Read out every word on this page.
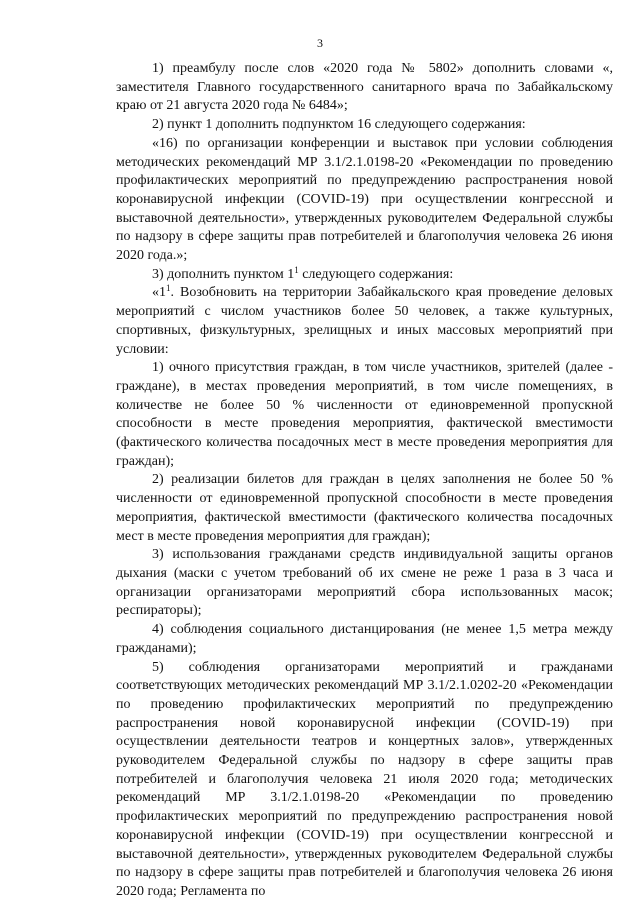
3

1) преамбулу после слов «2020 года № 5802» дополнить словами «, заместителя Главного государственного санитарного врача по Забайкальскому краю от 21 августа 2020 года № 6484»;

2) пункт 1 дополнить подпунктом 16 следующего содержания:

«16) по организации конференции и выставок при условии соблюдения методических рекомендаций МР 3.1/2.1.0198-20 «Рекомендации по проведению профилактических мероприятий по предупреждению распространения новой коронавирусной инфекции (COVID-19) при осуществлении конгрессной и выставочной деятельности», утвержденных руководителем Федеральной службы по надзору в сфере защиты прав потребителей и благополучия человека 26 июня 2020 года.»;

3) дополнить пунктом $1^1$ следующего содержания:

«$1^1$. Возобновить на территории Забайкальского края проведение деловых мероприятий с числом участников более 50 человек, а также культурных, спортивных, физкультурных, зрелищных и иных массовых мероприятий при условии:

1) очного присутствия граждан, в том числе участников, зрителей (далее - граждане), в местах проведения мероприятий, в том числе помещениях, в количестве не более 50 % численности от единовременной пропускной способности в месте проведения мероприятия, фактической вместимости (фактического количества посадочных мест в месте проведения мероприятия для граждан);

2) реализации билетов для граждан в целях заполнения не более 50 % численности от единовременной пропускной способности в месте проведения мероприятия, фактической вместимости (фактического количества посадочных мест в месте проведения мероприятия для граждан);

3) использования гражданами средств индивидуальной защиты органов дыхания (маски с учетом требований об их смене не реже 1 раза в 3 часа и организации организаторами мероприятий сбора использованных масок; респираторы);

4) соблюдения социального дистанцирования (не менее 1,5 метра между гражданами);

5) соблюдения организаторами мероприятий и гражданами соответствующих методических рекомендаций МР 3.1/2.1.0202-20 «Рекомендации по проведению профилактических мероприятий по предупреждению распространения новой коронавирусной инфекции (COVID-19) при осуществлении деятельности театров и концертных залов», утвержденных руководителем Федеральной службы по надзору в сфере защиты прав потребителей и благополучия человека 21 июля 2020 года; методических рекомендаций МР 3.1/2.1.0198-20 «Рекомендации по проведению профилактических мероприятий по предупреждению распространения новой коронавирусной инфекции (COVID-19) при осуществлении конгрессной и выставочной деятельности», утвержденных руководителем Федеральной службы по надзору в сфере защиты прав потребителей и благополучия человека 26 июня 2020 года; Регламента по
